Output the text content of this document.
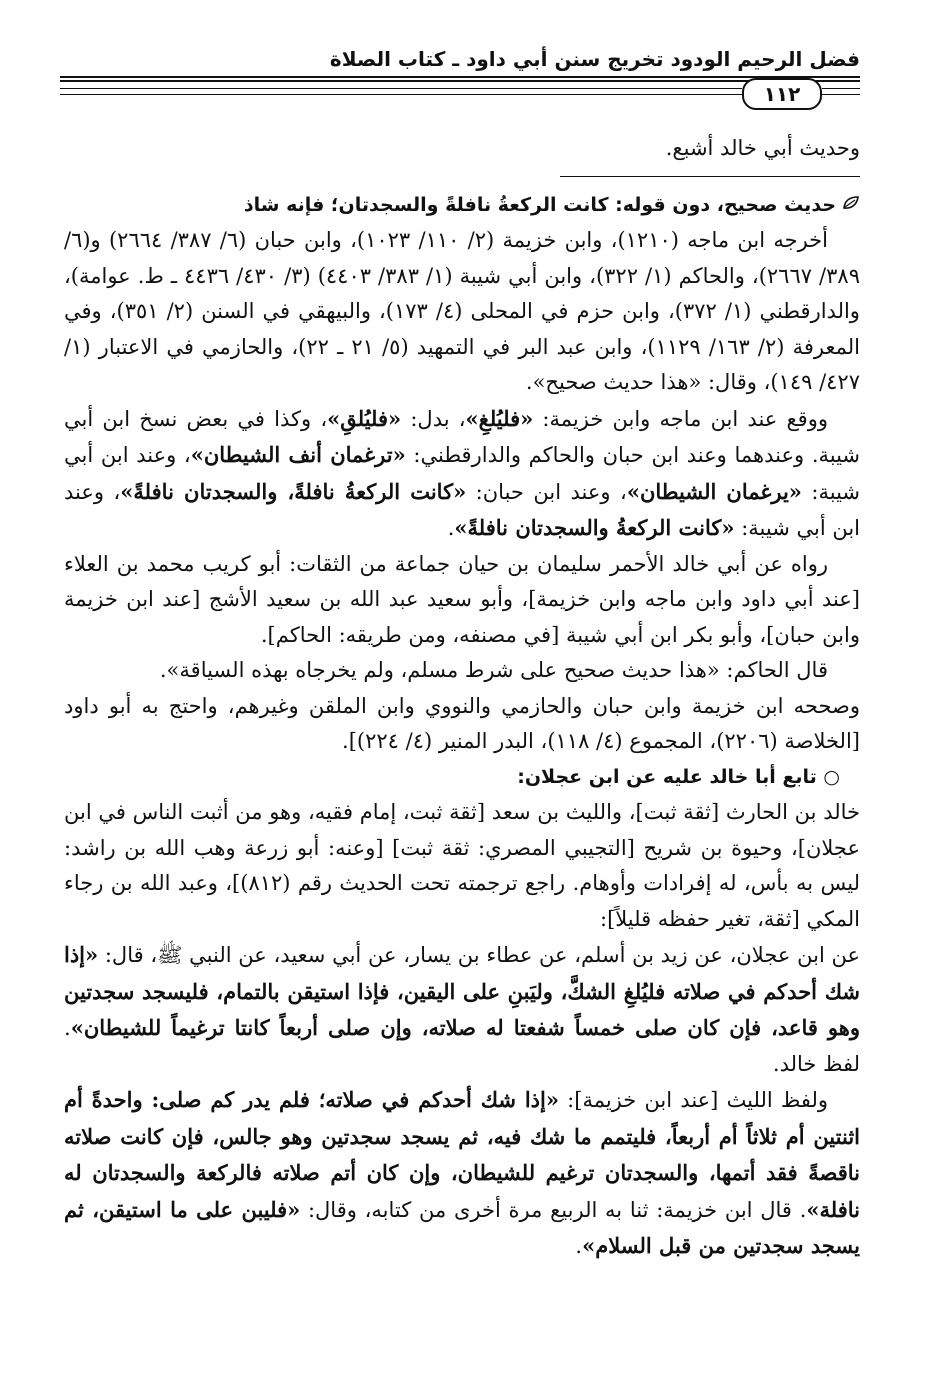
فضل الرحيم الودود تخريج سنن أبي داود ـ كتاب الصلاة
١١٢

وحديث أبي خالد أشبع.

حديث صحيح، دون قوله: كانت الركعةُ نافلةً والسجدتان؛ فإنه شاذ

أخرجه ابن ماجه (١٢١٠)، وابن خزيمة (٢/ ١١٠/ ١٠٢٣)، وابن حبان (٦/ ٣٨٧/ ٢٦٦٤) و(٦/ ٣٨٩/ ٢٦٦٧)، والحاكم (١/ ٣٢٢)، وابن أبي شيبة (١/ ٣٨٣/ ٤٤٠٣) (٣/ ٤٣٠/ ٤٤٣٦ ـ ط. عوامة)، والدارقطني (١/ ٣٧٢)، وابن حزم في المحلى (٤/ ١٧٣)، والبيهقي في السنن (٢/ ٣٥١)، وفي المعرفة (٢/ ١٦٣/ ١١٢٩)، وابن عبد البر في التمهيد (٥/ ٢١ ـ ٢٢)، والحازمي في الاعتبار (١/ ٤٢٧/ ١٤٩)، وقال: «هذا حديث صحيح».

ووقع عند ابن ماجه وابن خزيمة: «فليُلغِ»، بدل: «فليُلقِ»، وكذا في بعض نسخ ابن أبي شيبة. وعندهما وعند ابن حبان والحاكم والدارقطني: «ترغمان أنف الشيطان»، وعند ابن أبي شيبة: «يرغمان الشيطان»، وعند ابن حبان: «كانت الركعةُ نافلةً، والسجدتان نافلةً»، وعند ابن أبي شيبة: «كانت الركعةُ والسجدتان نافلةً».

رواه عن أبي خالد الأحمر سليمان بن حيان جماعة من الثقات: أبو كريب محمد بن العلاء [عند أبي داود وابن ماجه وابن خزيمة]، وأبو سعيد عبد الله بن سعيد الأشج [عند ابن خزيمة وابن حبان]، وأبو بكر ابن أبي شيبة [في مصنفه، ومن طريقه: الحاكم].

قال الحاكم: «هذا حديث صحيح على شرط مسلم، ولم يخرجاه بهذه السياقة».

وصححه ابن خزيمة وابن حبان والحازمي والنووي وابن الملقن وغيرهم، واحتج به أبو داود [الخلاصة (٢٢٠٦)، المجموع (٤/ ١١٨)، البدر المنير (٤/ ٢٢٤)].

○ تابع أبا خالد عليه عن ابن عجلان:

خالد بن الحارث [ثقة ثبت]، والليث بن سعد [ثقة ثبت، إمام فقيه، وهو من أثبت الناس في ابن عجلان]، وحيوة بن شريح [التجيبي المصري: ثقة ثبت] [وعنه: أبو زرعة وهب الله بن راشد: ليس به بأس، له إفرادات وأوهام. راجع ترجمته تحت الحديث رقم (٨١٢)]، وعبد الله بن رجاء المكي [ثقة، تغير حفظه قليلاً]:

عن ابن عجلان، عن زيد بن أسلم، عن عطاء بن يسار، عن أبي سعيد، عن النبي ﷺ، قال: «إذا شك أحدكم في صلاته فليُلغِ الشكَّ، وليَبنِ على اليقين، فإذا استيقن بالتمام، فليسجد سجدتين وهو قاعد، فإن كان صلى خمساً شفعتا له صلاته، وإن صلى أربعاً كانتا ترغيماً للشيطان». لفظ خالد.

ولفظ الليث [عند ابن خزيمة]: «إذا شك أحدكم في صلاته؛ فلم يدر كم صلى: واحدةً أم اثنتين أم ثلاثاً أم أربعاً، فليتمم ما شك فيه، ثم يسجد سجدتين وهو جالس، فإن كانت صلاته ناقصةً فقد أتمها، والسجدتان ترغيم للشيطان، وإن كان أتم صلاته فالركعة والسجدتان له نافلة». قال ابن خزيمة: ثنا به الربيع مرة أخرى من كتابه، وقال: «فليبن على ما استيقن، ثم يسجد سجدتين من قبل السلام».
